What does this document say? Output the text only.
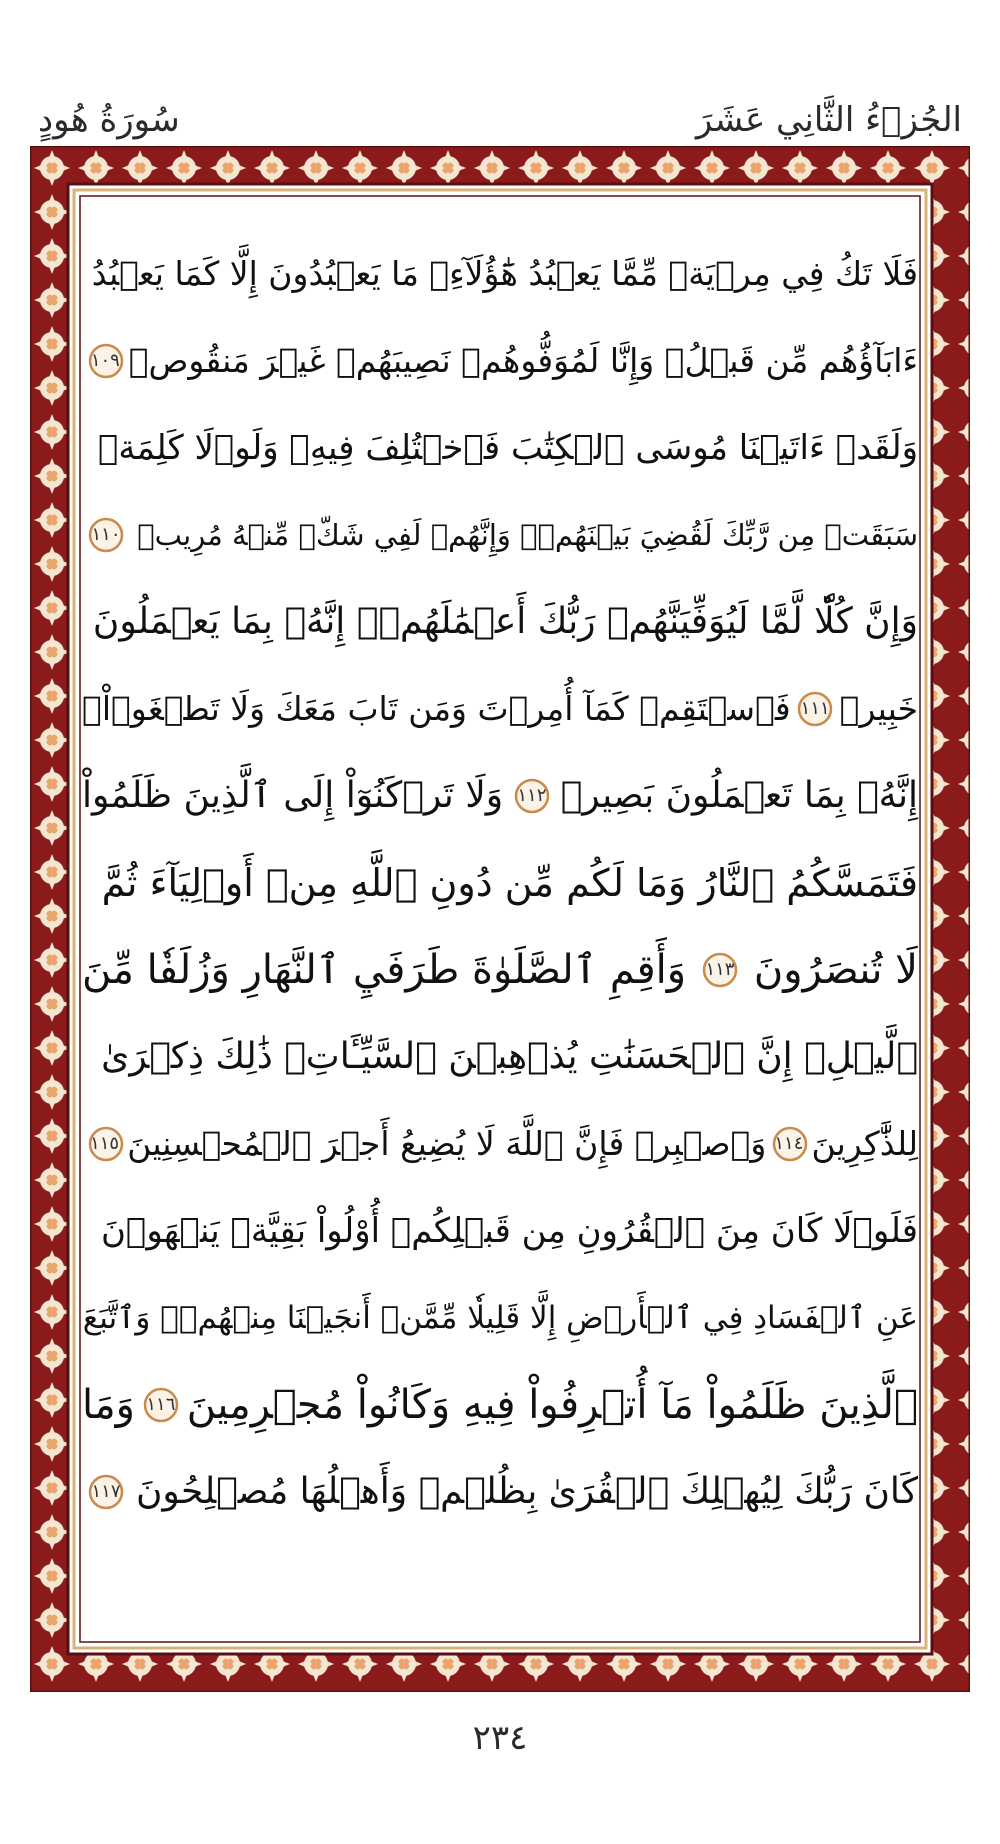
الجُزۡءُ الثَّانِي عَشَرَ
سُورَةُ هُودٍ
فَلَا تَكُ فِي مِرۡيَةٖ مِّمَّا يَعۡبُدُ هَٰٓؤُلَآءِۚ مَا يَعۡبُدُونَ إِلَّا كَمَا يَعۡبُدُ
ءَابَآؤُهُم مِّن قَبۡلُۚ وَإِنَّا لَمُوَفُّوهُمۡ نَصِيبَهُمۡ غَيۡرَ مَنقُوصٖ
١٠٩
وَلَقَدۡ ءَاتَيۡنَا مُوسَى ٱلۡكِتَٰبَ فَٱخۡتُلِفَ فِيهِۚ وَلَوۡلَا كَلِمَةٞ
سَبَقَتۡ مِن رَّبِّكَ لَقُضِيَ بَيۡنَهُمۡۚ وَإِنَّهُمۡ لَفِي شَكّٖ مِّنۡهُ مُرِيبٖ
١١٠
وَإِنَّ كُلّٗا لَّمَّا لَيُوَفِّيَنَّهُمۡ رَبُّكَ أَعۡمَٰلَهُمۡۚ إِنَّهُۥ بِمَا يَعۡمَلُونَ
خَبِيرٞ
١١١
فَٱسۡتَقِمۡ كَمَآ أُمِرۡتَ وَمَن تَابَ مَعَكَ وَلَا تَطۡغَوۡاْۚ
إِنَّهُۥ بِمَا تَعۡمَلُونَ بَصِيرٞ
١١٢
وَلَا تَرۡكَنُوٓاْ إِلَى ٱلَّذِينَ ظَلَمُواْ
فَتَمَسَّكُمُ ٱلنَّارُ وَمَا لَكُم مِّن دُونِ ٱللَّهِ مِنۡ أَوۡلِيَآءَ ثُمَّ
لَا تُنصَرُونَ
١١٣
وَأَقِمِ ٱلصَّلَوٰةَ طَرَفَيِ ٱلنَّهَارِ وَزُلَفٗا مِّنَ
ٱلَّيۡلِۚ إِنَّ ٱلۡحَسَنَٰتِ يُذۡهِبۡنَ ٱلسَّيِّـَٔاتِۚ ذَٰلِكَ ذِكۡرَىٰ
لِلذَّٰكِرِينَ
١١٤
وَٱصۡبِرۡ فَإِنَّ ٱللَّهَ لَا يُضِيعُ أَجۡرَ ٱلۡمُحۡسِنِينَ
١١٥
فَلَوۡلَا كَانَ مِنَ ٱلۡقُرُونِ مِن قَبۡلِكُمۡ أُوْلُواْ بَقِيَّةٖ يَنۡهَوۡنَ
عَنِ ٱلۡفَسَادِ فِي ٱلۡأَرۡضِ إِلَّا قَلِيلٗا مِّمَّنۡ أَنجَيۡنَا مِنۡهُمۡۗ وَٱتَّبَعَ
ٱلَّذِينَ ظَلَمُواْ مَآ أُتۡرِفُواْ فِيهِ وَكَانُواْ مُجۡرِمِينَ
١١٦
وَمَا
كَانَ رَبُّكَ لِيُهۡلِكَ ٱلۡقُرَىٰ بِظُلۡمٖ وَأَهۡلُهَا مُصۡلِحُونَ
١١٧
٢٣٤
